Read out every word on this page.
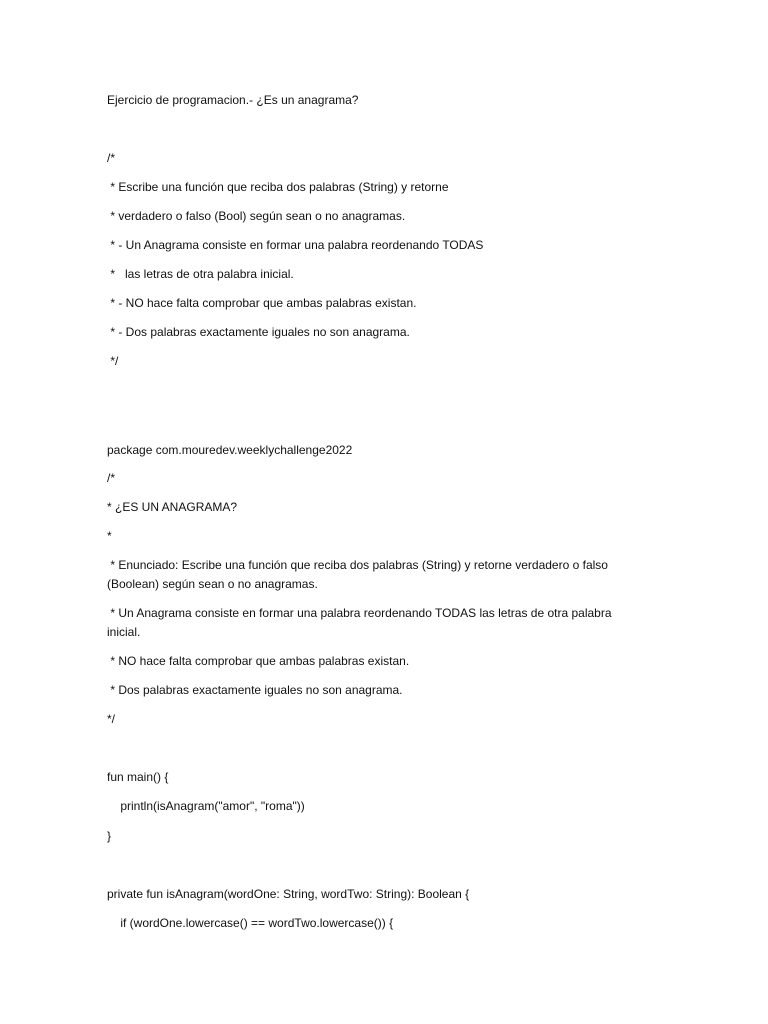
Ejercicio de programacion.- ¿Es un anagrama?
/*
* Escribe una función que reciba dos palabras (String) y retorne
* verdadero o falso (Bool) según sean o no anagramas.
* - Un Anagrama consiste en formar una palabra reordenando TODAS
*   las letras de otra palabra inicial.
* - NO hace falta comprobar que ambas palabras existan.
* - Dos palabras exactamente iguales no son anagrama.
*/
package com.mouredev.weeklychallenge2022
/*
* ¿ES UN ANAGRAMA?
*
* Enunciado: Escribe una función que reciba dos palabras (String) y retorne verdadero o falso
(Boolean) según sean o no anagramas.
* Un Anagrama consiste en formar una palabra reordenando TODAS las letras de otra palabra
inicial.
* NO hace falta comprobar que ambas palabras existan.
* Dos palabras exactamente iguales no son anagrama.
*/
fun main() {
println(isAnagram("amor", "roma"))
}
private fun isAnagram(wordOne: String, wordTwo: String): Boolean {
if (wordOne.lowercase() == wordTwo.lowercase()) {
